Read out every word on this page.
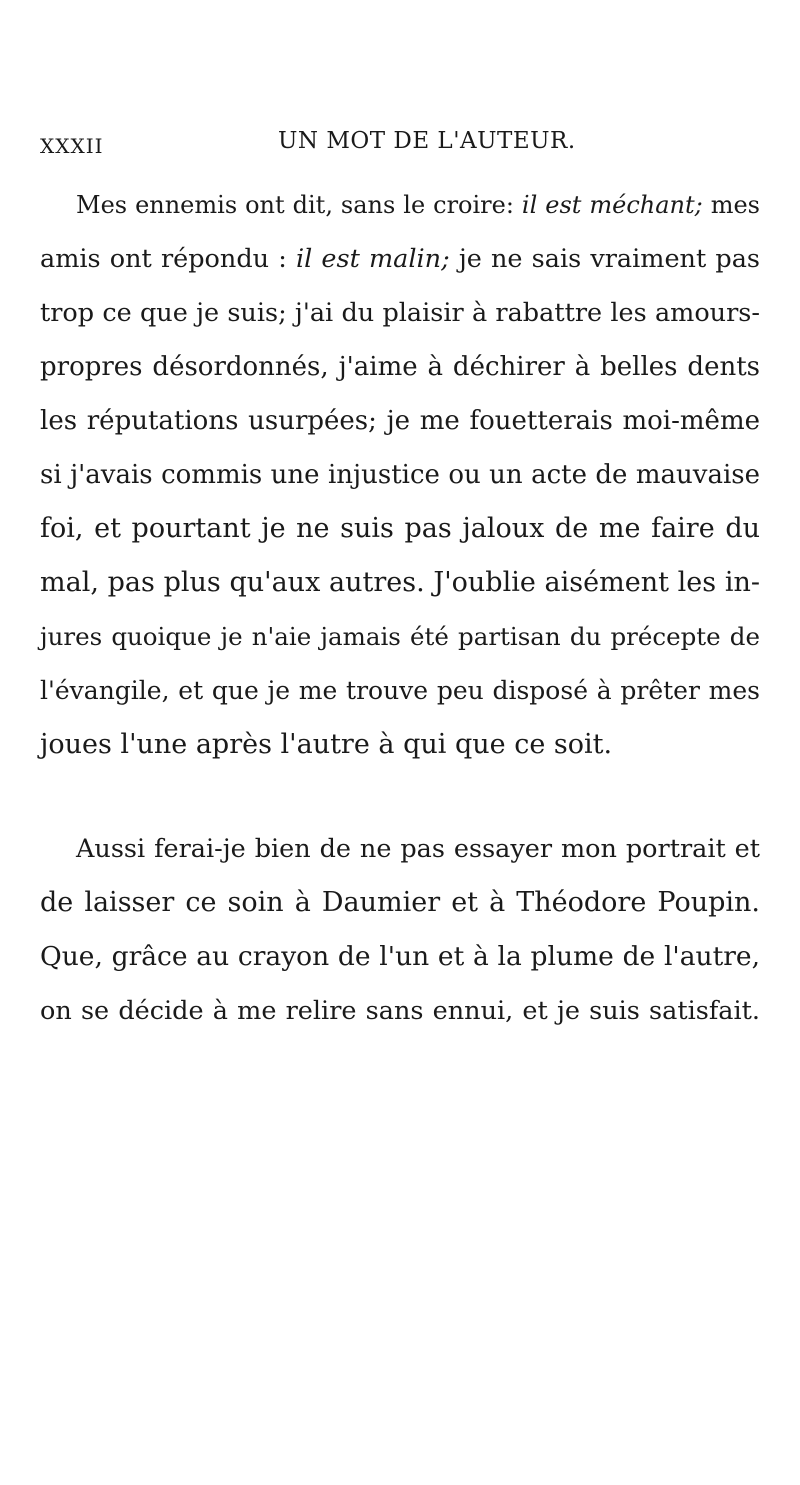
XXXII	UN MOT DE L'AUTEUR.
Mes ennemis ont dit, sans le croire: il est méchant; mes
amis ont répondu : il est malin; je ne sais vraiment pas
trop ce que je suis; j'ai du plaisir à rabattre les amours-
propres désordonnés, j'aime à déchirer à belles dents
les réputations usurpées; je me fouetterais moi-même
si j'avais commis une injustice ou un acte de mauvaise
foi, et pourtant je ne suis pas jaloux de me faire du
mal, pas plus qu'aux autres. J'oublie aisément les in-
jures quoique je n'aie jamais été partisan du précepte de
l'évangile, et que je me trouve peu disposé à prêter mes
joues l'une après l'autre à qui que ce soit.
Aussi ferai-je bien de ne pas essayer mon portrait et
de laisser ce soin à Daumier et à Théodore Poupin.
Que, grâce au crayon de l'un et à la plume de l'autre,
on se décide à me relire sans ennui, et je suis satisfait.
